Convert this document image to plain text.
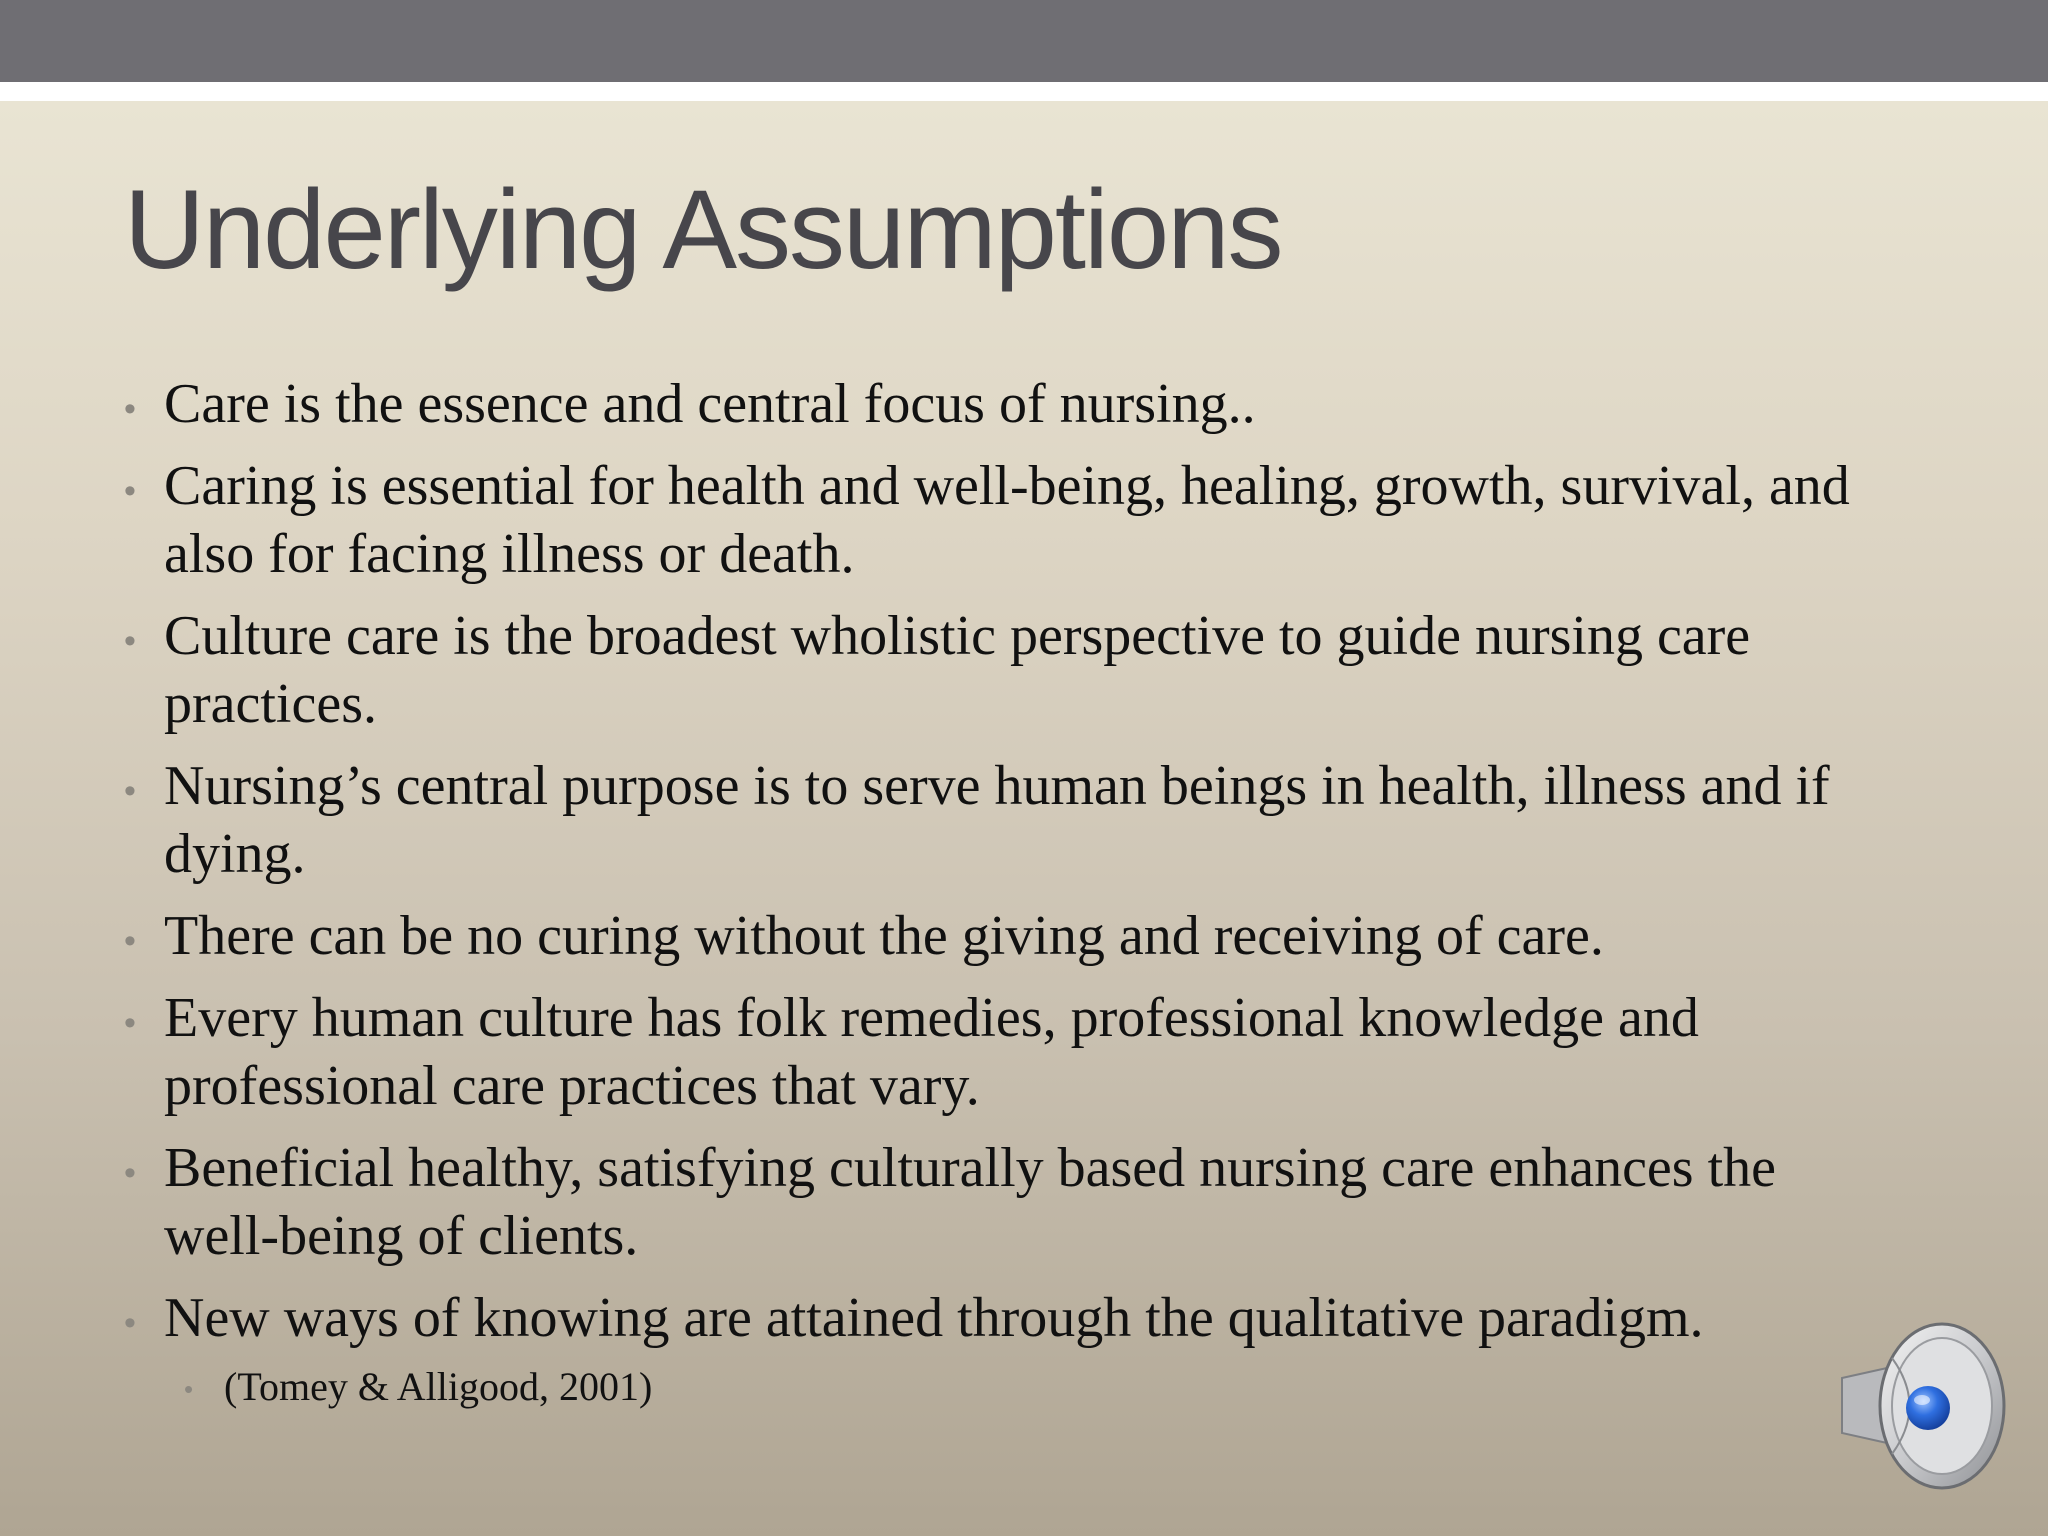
Underlying Assumptions
• Care is the essence and central focus of nursing..
• Caring is essential for health and well-being, healing, growth, survival, and also for facing illness or death.
• Culture care is the broadest wholistic perspective to guide nursing care practices.
• Nursing’s central purpose is to serve human beings in health, illness and if dying.
• There can be no curing without the giving and receiving of care.
• Every human culture has folk remedies, professional knowledge and professional care practices that vary.
• Beneficial healthy, satisfying culturally based nursing care enhances the well-being of clients.
• New ways of knowing are attained through the qualitative paradigm.
• (Tomey & Alligood, 2001)
